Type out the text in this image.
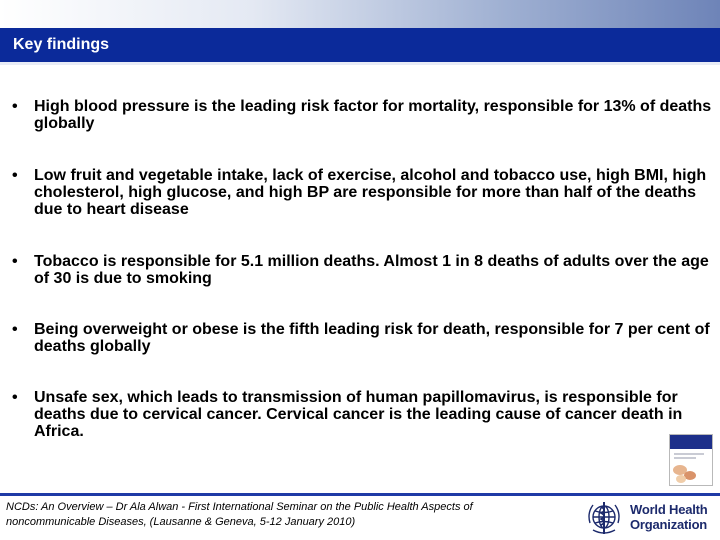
Key findings
• High blood pressure is the leading risk factor for mortality, responsible for 13% of deaths globally
• Low fruit and vegetable intake, lack of exercise, alcohol and tobacco use, high BMI, high cholesterol, high glucose, and high BP are responsible for more than half of the deaths due to heart disease
• Tobacco is responsible for 5.1 million deaths. Almost 1 in 8 deaths of adults over the age of 30 is due to smoking
• Being overweight or obese is the fifth leading risk for death, responsible for 7 per cent of deaths globally
• Unsafe sex, which leads to transmission of human papillomavirus, is responsible for deaths due to cervical cancer. Cervical cancer is the leading cause of cancer death in Africa.
NCDs: An Overview – Dr Ala Alwan - First International Seminar on the Public Health Aspects of
noncommunicable Diseases, (Lausanne & Geneva, 5-12 January 2010)
World Health
Organization
